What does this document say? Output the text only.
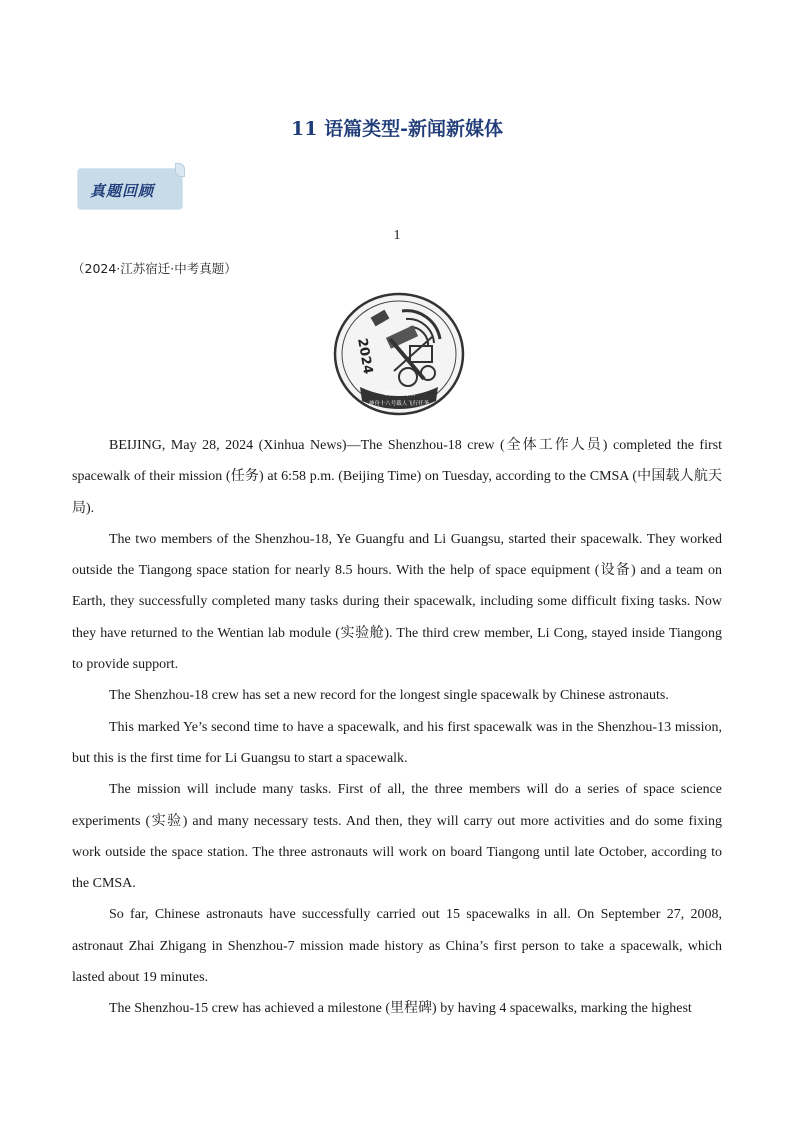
11 语篇类型-新闻新媒体
真题回顾
1
（2024·江苏宿迁·中考真题）
2024
中国空间站
神舟十八号载人飞行任务

BEIJING, May 28, 2024 (Xinhua News)—The Shenzhou-18 crew (全体工作人员) completed the first spacewalk of their mission (任务) at 6:58 p.m. (Beijing Time) on Tuesday, according to the CMSA (中国载人航天局).

The two members of the Shenzhou-18, Ye Guangfu and Li Guangsu, started their spacewalk. They worked outside the Tiangong space station for nearly 8.5 hours. With the help of space equipment (设备) and a team on Earth, they successfully completed many tasks during their spacewalk, including some difficult fixing tasks. Now they have returned to the Wentian lab module (实验舱). The third crew member, Li Cong, stayed inside Tiangong to provide support.

The Shenzhou-18 crew has set a new record for the longest single spacewalk by Chinese astronauts.

This marked Ye’s second time to have a spacewalk, and his first spacewalk was in the Shenzhou-13 mission, but this is the first time for Li Guangsu to start a spacewalk.

The mission will include many tasks. First of all, the three members will do a series of space science experiments (实验) and many necessary tests. And then, they will carry out more activities and do some fixing work outside the space station. The three astronauts will work on board Tiangong until late October, according to the CMSA.

So far, Chinese astronauts have successfully carried out 15 spacewalks in all. On September 27, 2008, astronaut Zhai Zhigang in Shenzhou-7 mission made history as China’s first person to take a spacewalk, which lasted about 19 minutes.

The Shenzhou-15 crew has achieved a milestone (里程碑) by having 4 spacewalks, marking the highest
